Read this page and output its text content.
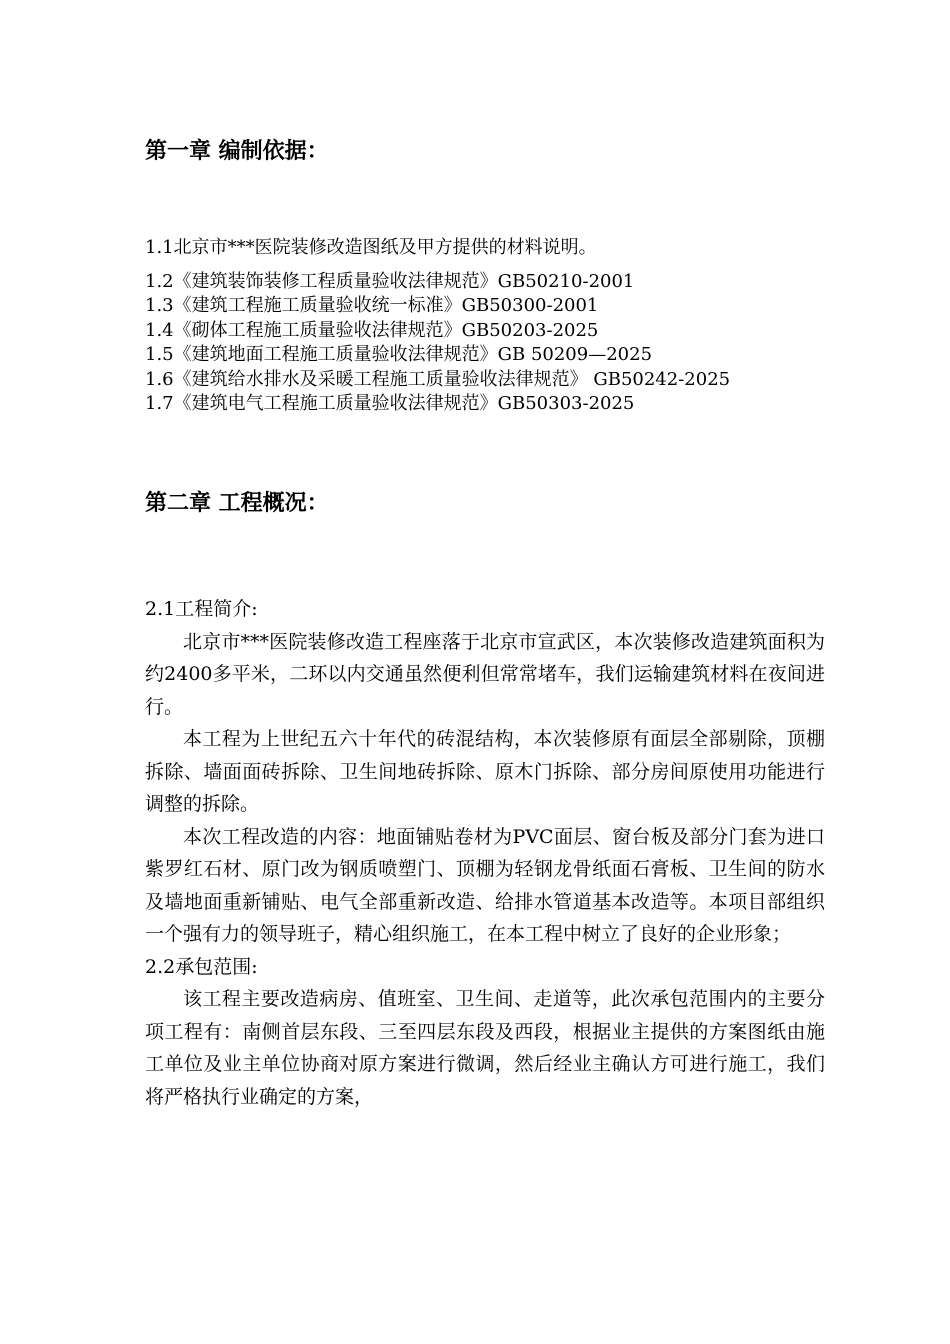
第一章 编制依据：
1.1北京市***医院装修改造图纸及甲方提供的材料说明。
1.2《建筑装饰装修工程质量验收法律规范》GB50210-2001
1.3《建筑工程施工质量验收统一标准》GB50300-2001
1.4《砌体工程施工质量验收法律规范》GB50203-2025
1.5《建筑地面工程施工质量验收法律规范》GB 50209—2025
1.6《建筑给水排水及采暖工程施工质量验收法律规范》 GB50242-2025
1.7《建筑电气工程施工质量验收法律规范》GB50303-2025
第二章 工程概况：

2.1工程简介:

北京市***医院装修改造工程座落于北京市宣武区，本次装修改造建筑面积为约2400多平米，二环以内交通虽然便利但常常堵车，我们运输建筑材料在夜间进行。

本工程为上世纪五六十年代的砖混结构，本次装修原有面层全部剔除，顶棚拆除、墙面面砖拆除、卫生间地砖拆除、原木门拆除、部分房间原使用功能进行调整的拆除。

本次工程改造的内容：地面铺贴卷材为PVC面层、窗台板及部分门套为进口紫罗红石材、原门改为钢质喷塑门、顶棚为轻钢龙骨纸面石膏板、卫生间的防水及墙地面重新铺贴、电气全部重新改造、给排水管道基本改造等。本项目部组织一个强有力的领导班子，精心组织施工，在本工程中树立了良好的企业形象；

2.2承包范围:

该工程主要改造病房、值班室、卫生间、走道等，此次承包范围内的主要分项工程有：南侧首层东段、三至四层东段及西段，根据业主提供的方案图纸由施工单位及业主单位协商对原方案进行微调，然后经业主确认方可进行施工，我们将严格执行业确定的方案，
